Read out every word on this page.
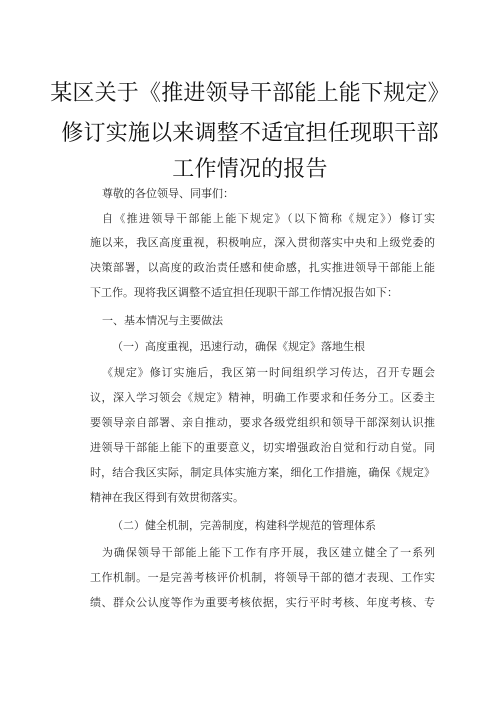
某区关于《推进领导干部能上能下规定》
修订实施以来调整不适宜担任现职干部
工作情况的报告
尊敬的各位领导、同事们：
自《推进领导干部能上能下规定》（以下简称《规定》）修订实
施以来，我区高度重视，积极响应，深入贯彻落实中央和上级党委的
决策部署，以高度的政治责任感和使命感，扎实推进领导干部能上能
下工作。现将我区调整不适宜担任现职干部工作情况报告如下：
一、基本情况与主要做法
（一）高度重视，迅速行动，确保《规定》落地生根
《规定》修订实施后，我区第一时间组织学习传达，召开专题会
议，深入学习领会《规定》精神，明确工作要求和任务分工。区委主
要领导亲自部署、亲自推动，要求各级党组织和领导干部深刻认识推
进领导干部能上能下的重要意义，切实增强政治自觉和行动自觉。同
时，结合我区实际，制定具体实施方案，细化工作措施，确保《规定》
精神在我区得到有效贯彻落实。
（二）健全机制，完善制度，构建科学规范的管理体系
为确保领导干部能上能下工作有序开展，我区建立健全了一系列
工作机制。一是完善考核评价机制，将领导干部的德才表现、工作实
绩、群众公认度等作为重要考核依据，实行平时考核、年度考核、专
